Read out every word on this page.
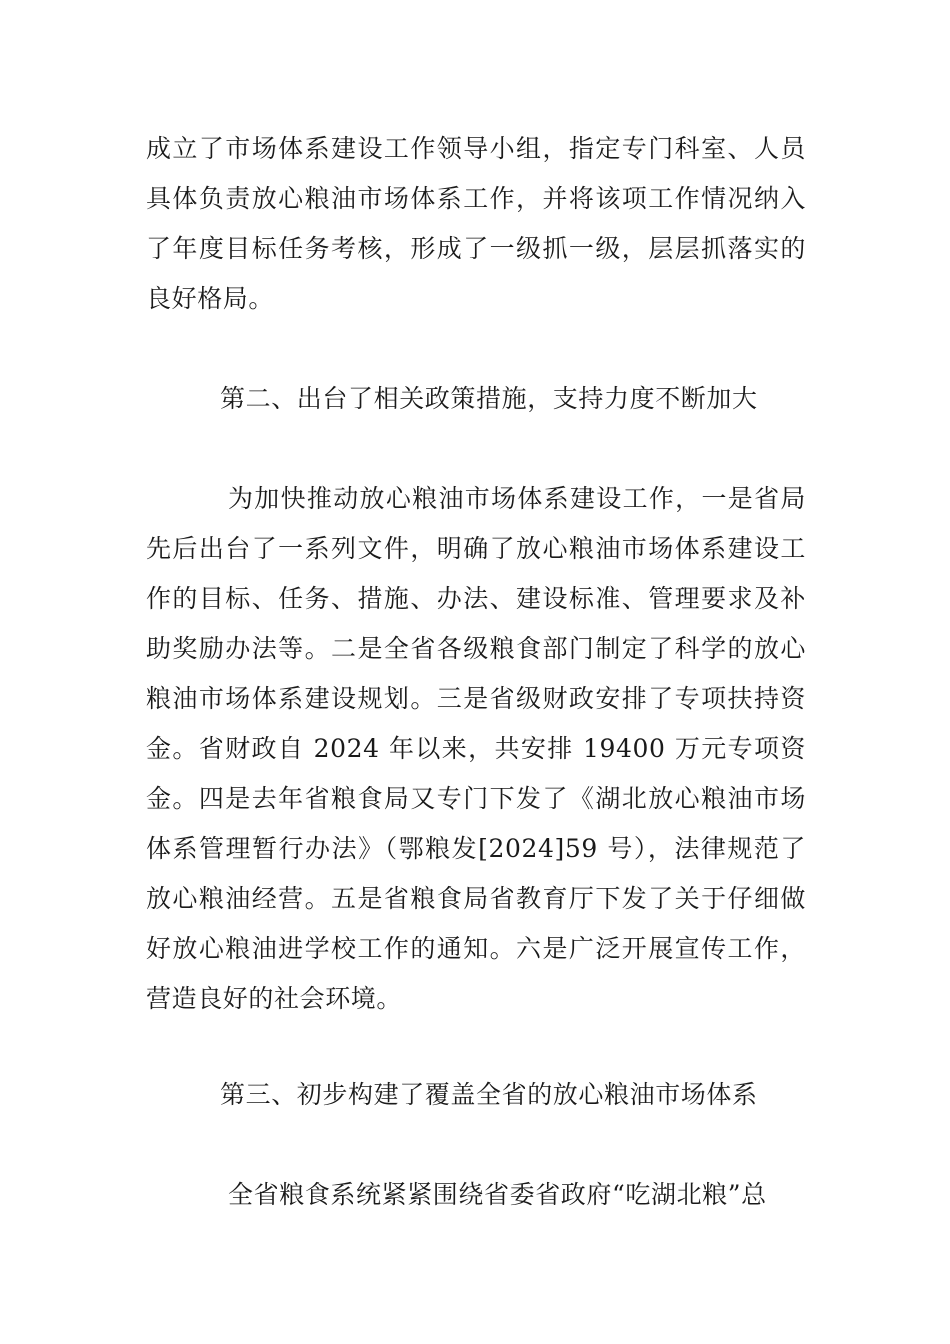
成立了市场体系建设工作领导小组，指定专门科室、人员具体负责放心粮油市场体系工作，并将该项工作情况纳入了年度目标任务考核，形成了一级抓一级，层层抓落实的良好格局。

第二、出台了相关政策措施，支持力度不断加大

为加快推动放心粮油市场体系建设工作，一是省局先后出台了一系列文件，明确了放心粮油市场体系建设工作的目标、任务、措施、办法、建设标准、管理要求及补助奖励办法等。二是全省各级粮食部门制定了科学的放心粮油市场体系建设规划。三是省级财政安排了专项扶持资金。省财政自 2024 年以来，共安排 19400 万元专项资金。四是去年省粮食局又专门下发了《湖北放心粮油市场体系管理暂行办法》（鄂粮发[2024]59 号），法律规范了放心粮油经营。五是省粮食局省教育厅下发了关于仔细做好放心粮油进学校工作的通知。六是广泛开展宣传工作，营造良好的社会环境。

第三、初步构建了覆盖全省的放心粮油市场体系

全省粮食系统紧紧围绕省委省政府“吃湖北粮”总
